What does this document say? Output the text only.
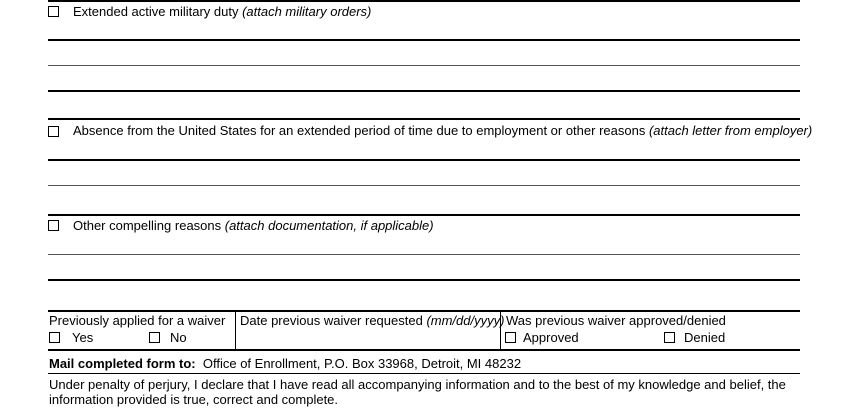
Extended active military duty (attach military orders)
Absence from the United States for an extended period of time due to employment or other reasons (attach letter from employer)
Other compelling reasons (attach documentation, if applicable)
Previously applied for a waiver
Yes	No
Date previous waiver requested (mm/dd/yyyy) Was previous waiver approved/denied
Approved	Denied
Mail completed form to: Office of Enrollment, P.O. Box 33968, Detroit, MI 48232
Under penalty of perjury, I declare that I have read all accompanying information and to the best of my knowledge and belief, the
information provided is true, correct and complete.
